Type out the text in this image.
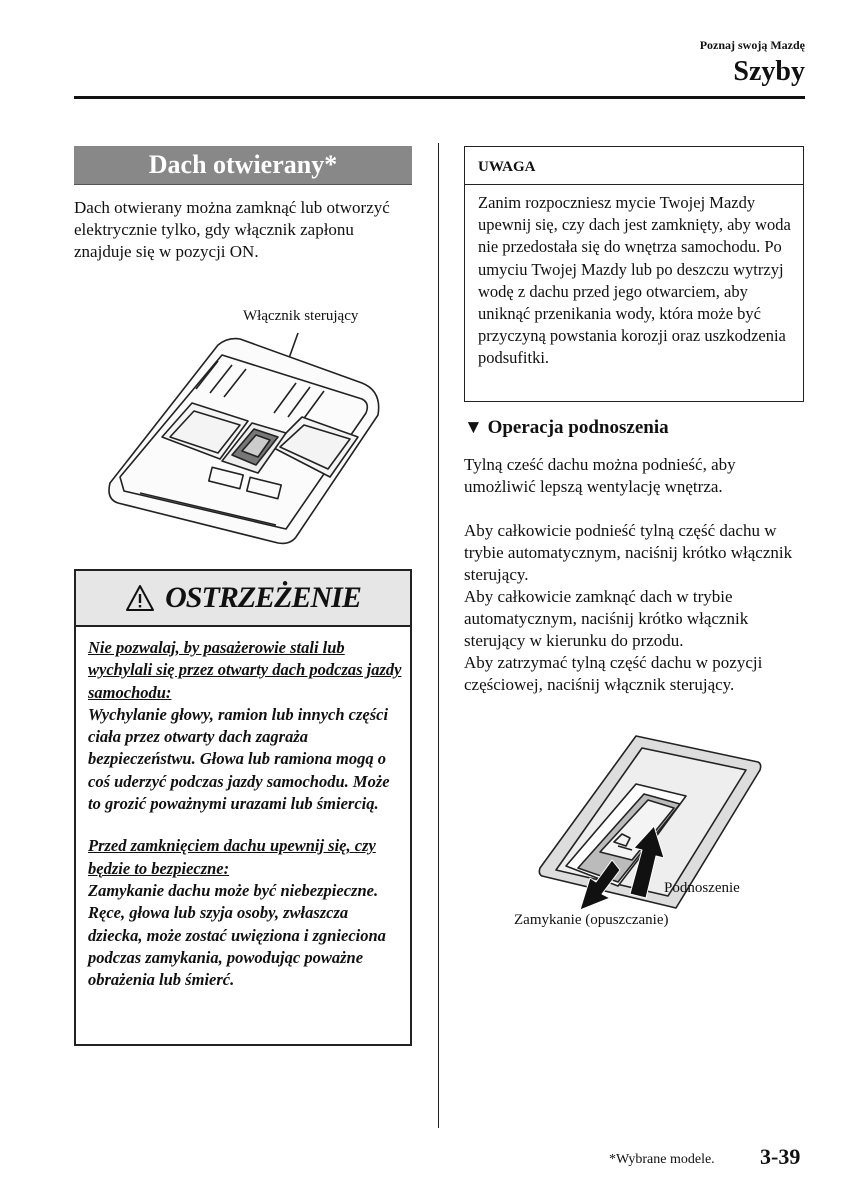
Poznaj swoją Mazdę
Szyby
Dach otwierany*
Dach otwierany można zamknąć lub otworzyć elektrycznie tylko, gdy włącznik zapłonu znajduje się w pozycji ON.
Włącznik sterujący
OSTRZEŻENIE

Nie pozwalaj, by pasażerowie stali lub wychylali się przez otwarty dach podczas jazdy samochodu:
Wychylanie głowy, ramion lub innych części ciała przez otwarty dach zagraża bezpieczeństwu. Głowa lub ramiona mogą o coś uderzyć podczas jazdy samochodu. Może to grozić poważnymi urazami lub śmiercią.

Przed zamknięciem dachu upewnij się, czy będzie to bezpieczne:
Zamykanie dachu może być niebezpieczne. Ręce, głowa lub szyja osoby, zwłaszcza dziecka, może zostać uwięziona i zgnieciona podczas zamykania, powodując poważne obrażenia lub śmierć.

UWAGA
Zanim rozpoczniesz mycie Twojej Mazdy upewnij się, czy dach jest zamknięty, aby woda nie przedostała się do wnętrza samochodu. Po umyciu Twojej Mazdy lub po deszczu wytrzyj wodę z dachu przed jego otwarciem, aby uniknąć przenikania wody, która może być przyczyną powstania korozji oraz uszkodzenia podsufitki.
▼ Operacja podnoszenia
Tylną cześć dachu można podnieść, aby umożliwić lepszą wentylację wnętrza.
Aby całkowicie podnieść tylną część dachu w trybie automatycznym, naciśnij krótko włącznik sterujący.
Aby całkowicie zamknąć dach w trybie automatycznym, naciśnij krótko włącznik sterujący w kierunku do przodu.
Aby zatrzymać tylną część dachu w pozycji częściowej, naciśnij włącznik sterujący.
Podnoszenie
Zamykanie (opuszczanie)
*Wybrane modele. 3-39
